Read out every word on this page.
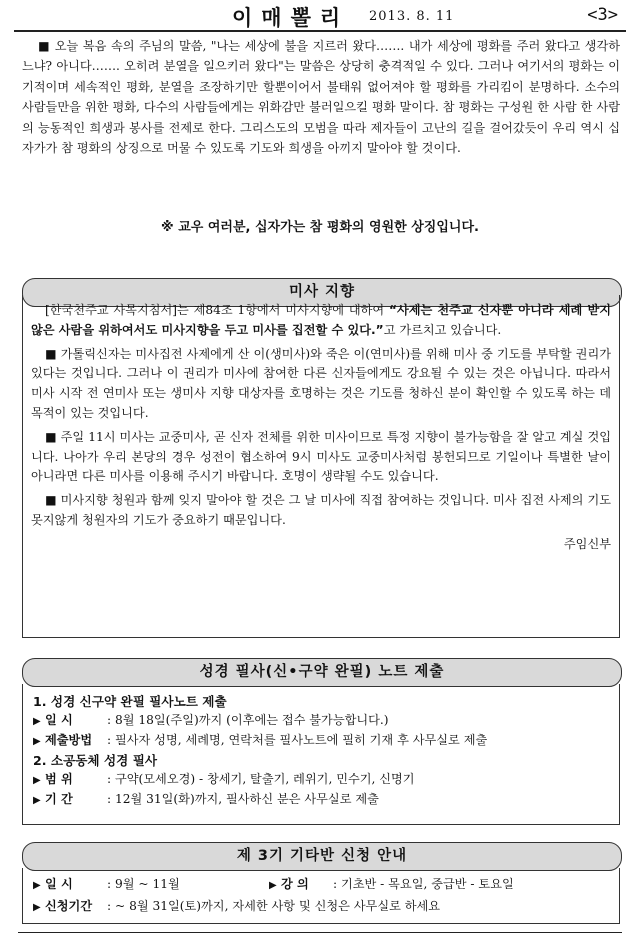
이매뽈리 2013. 8. 11	<3>
■ 오늘 복음 속의 주님의 말씀, "나는 세상에 불을 지르러 왔다……. 내가 세상에 평화를 주러 왔다고 생각하느냐? 아니다……. 오히려 분열을 일으키러 왔다"는 말씀은 상당히 충격적일 수 있다. 그러나 여기서의 평화는 이기적이며 세속적인 평화, 분열을 조장하기만 할뿐이어서 불태워 없어져야 할 평화를 가리킴이 분명하다. 소수의 사람들만을 위한 평화, 다수의 사람들에게는 위화감만 불러일으킬 평화 말이다. 참 평화는 구성원 한 사람 한 사람의 능동적인 희생과 봉사를 전제로 한다. 그리스도의 모범을 따라 제자들이 고난의 길을 걸어갔듯이 우리 역시 십자가가 참 평화의 상징으로 머물 수 있도록 기도와 희생을 아끼지 말아야 할 것이다.
※ 교우 여러분, 십자가는 참 평화의 영원한 상징입니다.
미사 지향

[한국천주교 사목지침서]는 제84조 1항에서 미사지향에 대하여 “사제는 천주교 신자뿐 아니라 세례 받지 않은 사람을 위하여서도 미사지향을 두고 미사를 집전할 수 있다.”고 가르치고 있습니다.

■ 가톨릭신자는 미사집전 사제에게 산 이(생미사)와 죽은 이(연미사)를 위해 미사 중 기도를 부탁할 권리가 있다는 것입니다. 그러나 이 권리가 미사에 참여한 다른 신자들에게도 강요될 수 있는 것은 아닙니다. 따라서 미사 시작 전 연미사 또는 생미사 지향 대상자를 호명하는 것은 기도를 청하신 분이 확인할 수 있도록 하는 데 목적이 있는 것입니다.

■ 주일 11시 미사는 교중미사, 곧 신자 전체를 위한 미사이므로 특정 지향이 불가능함을 잘 알고 계실 것입니다. 나아가 우리 본당의 경우 성전이 협소하여 9시 미사도 교중미사처럼 봉헌되므로 기일이나 특별한 날이 아니라면 다른 미사를 이용해 주시기 바랍니다. 호명이 생략될 수도 있습니다.

■ 미사지향 청원과 함께 잊지 말아야 할 것은 그 날 미사에 직접 참여하는 것입니다. 미사 집전 사제의 기도 못지않게 청원자의 기도가 중요하기 때문입니다.

주임신부

성경 필사(신•구약 완필) 노트 제출
1. 성경 신구약 완필 필사노트 제출
▶ 일 시	: 8월 18일(주일)까지 (이후에는 접수 불가능합니다.)
▶ 제출방법 : 필사자 성명, 세례명, 연락처를 필사노트에 필히 기재 후 사무실로 제출
2. 소공동체 성경 필사
▶ 범 위	: 구약(모세오경) - 창세기, 탈출기, 레위기, 민수기, 신명기
▶ 기 간	: 12월 31일(화)까지, 필사하신 분은 사무실로 제출
제 3기 기타반 신청 안내
▶ 일 시	: 9월 ~ 11월	▶ 강 의 : 기초반 - 목요일, 중급반 - 토요일
▶ 신청기간 : ~ 8월 31일(토)까지, 자세한 사항 및 신청은 사무실로 하세요
